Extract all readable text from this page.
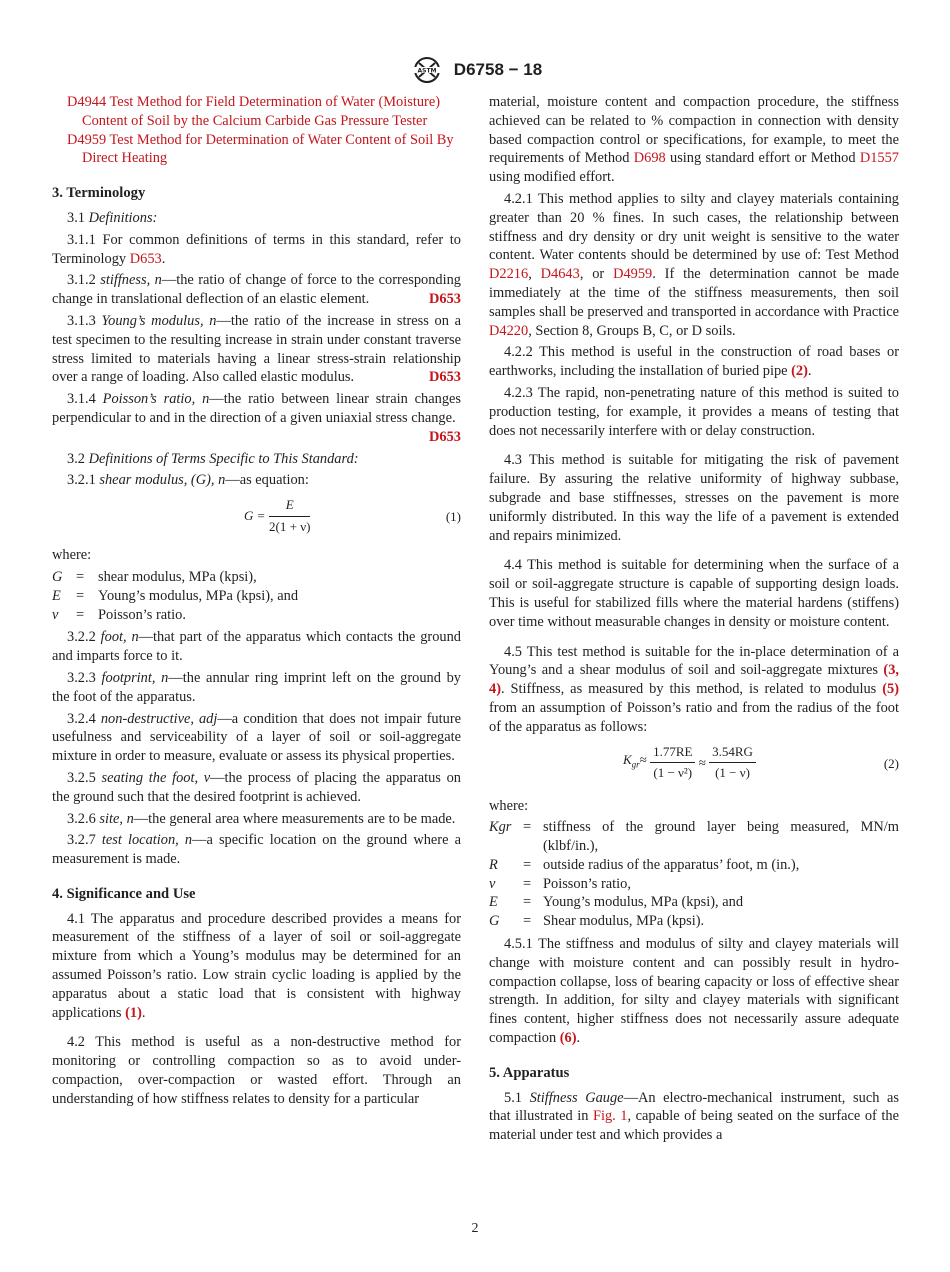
ASTM D6758 − 18
D4944 Test Method for Field Determination of Water (Moisture) Content of Soil by the Calcium Carbide Gas Pressure Tester
D4959 Test Method for Determination of Water Content of Soil By Direct Heating
3. Terminology

3.1 Definitions:

3.1.1 For common definitions of terms in this standard, refer to Terminology D653.

3.1.2 stiffness, n—the ratio of change of force to the corresponding change in translational deflection of an elastic element.	D653

3.1.3 Young’s modulus, n—the ratio of the increase in stress on a test specimen to the resulting increase in strain under constant traverse stress limited to materials having a linear stress-strain relationship over a range of loading. Also called elastic modulus.	D653

3.1.4 Poisson’s ratio, n—the ratio between linear strain changes perpendicular to and in the direction of a given uniaxial stress change.
D653

3.2 Definitions of Terms Specific to This Standard:

3.2.1 shear modulus, (G), n—as equation:

$G = \frac{E}{2(1 + \nu)}$	(1)

where:

G = shear modulus, MPa (kpsi),
E	= Young’s modulus, MPa (kpsi), and
ν	= Poisson’s ratio.

3.2.2 foot, n—that part of the apparatus which contacts the ground and imparts force to it.

3.2.3 footprint, n—the annular ring imprint left on the ground by the foot of the apparatus.

3.2.4 non-destructive, adj—a condition that does not impair future usefulness and serviceability of a layer of soil or soil-aggregate mixture in order to measure, evaluate or assess its physical properties.

3.2.5 seating the foot, v—the process of placing the apparatus on the ground such that the desired footprint is achieved.

3.2.6 site, n—the general area where measurements are to be made.

3.2.7 test location, n—a specific location on the ground where a measurement is made.

4. Significance and Use

4.1 The apparatus and procedure described provides a means for measurement of the stiffness of a layer of soil or soil-aggregate mixture from which a Young’s modulus may be determined for an assumed Poisson’s ratio. Low strain cyclic loading is applied by the apparatus about a static load that is consistent with highway applications (1).

4.2 This method is useful as a non-destructive method for monitoring or controlling compaction so as to avoid under-compaction, over-compaction or wasted effort. Through an understanding of how stiffness relates to density for a particular

material, moisture content and compaction procedure, the stiffness achieved can be related to % compaction in connection with density based compaction control or specifications, for example, to meet the requirements of Method D698 using standard effort or Method D1557 using modified effort.

4.2.1 This method applies to silty and clayey materials containing greater than 20 % fines. In such cases, the relationship between stiffness and dry density or dry unit weight is sensitive to the water content. Water contents should be determined by use of: Test Method D2216, D4643, or D4959. If the determination cannot be made immediately at the time of the stiffness measurements, then soil samples shall be preserved and transported in accordance with Practice D4220, Section 8, Groups B, C, or D soils.

4.2.2 This method is useful in the construction of road bases or earthworks, including the installation of buried pipe (2).

4.2.3 The rapid, non-penetrating nature of this method is suited to production testing, for example, it provides a means of testing that does not necessarily interfere with or delay construction.

4.3 This method is suitable for mitigating the risk of pavement failure. By assuring the relative uniformity of highway subbase, subgrade and base stiffnesses, stresses on the pavement is more uniformly distributed. In this way the life of a pavement is extended and repairs minimized.

4.4 This method is suitable for determining when the surface of a soil or soil-aggregate structure is capable of supporting design loads. This is useful for stabilized fills where the material hardens (stiffens) over time without measurable changes in density or moisture content.

4.5 This test method is suitable for the in-place determination of a Young’s and a shear modulus of soil and soil-aggregate mixtures (3, 4). Stiffness, as measured by this method, is related to modulus (5) from an assumption of Poisson’s ratio and from the radius of the foot of the apparatus as follows:

$K_{gr}\approx \frac{1.77RE}{\text{(1 − ν²)}} \approx \frac{3.54RG}{(1 - \nu)}$	(2)

where:

Kgr = stiffness of the ground layer being measured, MN/m (klbf/in.),
R	= outside radius of the apparatus’ foot, m (in.),
ν	= Poisson’s ratio,
E	= Young’s modulus, MPa (kpsi), and
G	= Shear modulus, MPa (kpsi).

4.5.1 The stiffness and modulus of silty and clayey materials will change with moisture content and can possibly result in hydro-compaction collapse, loss of bearing capacity or loss of effective shear strength. In addition, for silty and clayey materials with significant fines content, higher stiffness does not necessarily assure adequate compaction (6).

5. Apparatus

5.1 Stiffness Gauge—An electro-mechanical instrument, such as that illustrated in Fig. 1, capable of being seated on the surface of the material under test and which provides a

2
